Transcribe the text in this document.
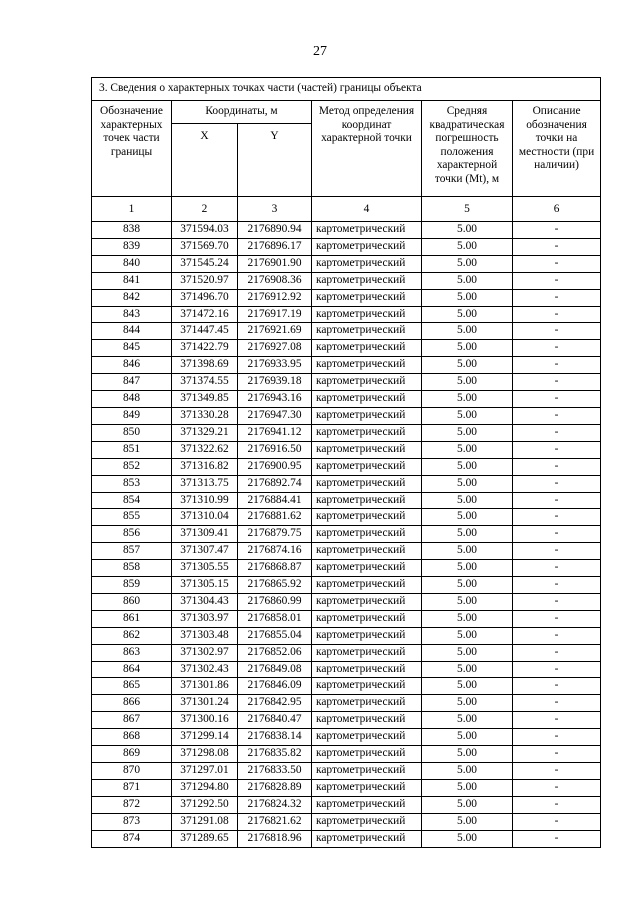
27
3. Сведения о характерных точках части (частей) границы объекта					
Обозначение характерных точек части границы	Координаты, м		Метод определения координат характерной точки	Средняя квадратическая погрешность положения характерной точки (Mt), м	Описание обозначения точки на местности (при наличии)
	X	Y			
1	2	3	4	5	6
838	371594.03	2176890.94	картометрический	5.00	-
839	371569.70	2176896.17	картометрический	5.00	-
840	371545.24	2176901.90	картометрический	5.00	-
841	371520.97	2176908.36	картометрический	5.00	-
842	371496.70	2176912.92	картометрический	5.00	-
843	371472.16	2176917.19	картометрический	5.00	-
844	371447.45	2176921.69	картометрический	5.00	-
845	371422.79	2176927.08	картометрический	5.00	-
846	371398.69	2176933.95	картометрический	5.00	-
847	371374.55	2176939.18	картометрический	5.00	-
848	371349.85	2176943.16	картометрический	5.00	-
849	371330.28	2176947.30	картометрический	5.00	-
850	371329.21	2176941.12	картометрический	5.00	-
851	371322.62	2176916.50	картометрический	5.00	-
852	371316.82	2176900.95	картометрический	5.00	-
853	371313.75	2176892.74	картометрический	5.00	-
854	371310.99	2176884.41	картометрический	5.00	-
855	371310.04	2176881.62	картометрический	5.00	-
856	371309.41	2176879.75	картометрический	5.00	-
857	371307.47	2176874.16	картометрический	5.00	-
858	371305.55	2176868.87	картометрический	5.00	-
859	371305.15	2176865.92	картометрический	5.00	-
860	371304.43	2176860.99	картометрический	5.00	-
861	371303.97	2176858.01	картометрический	5.00	-
862	371303.48	2176855.04	картометрический	5.00	-
863	371302.97	2176852.06	картометрический	5.00	-
864	371302.43	2176849.08	картометрический	5.00	-
865	371301.86	2176846.09	картометрический	5.00	-
866	371301.24	2176842.95	картометрический	5.00	-
867	371300.16	2176840.47	картометрический	5.00	-
868	371299.14	2176838.14	картометрический	5.00	-
869	371298.08	2176835.82	картометрический	5.00	-
870	371297.01	2176833.50	картометрический	5.00	-
871	371294.80	2176828.89	картометрический	5.00	-
872	371292.50	2176824.32	картометрический	5.00	-
873	371291.08	2176821.62	картометрический	5.00	-
874	371289.65	2176818.96	картометрический	5.00	-
